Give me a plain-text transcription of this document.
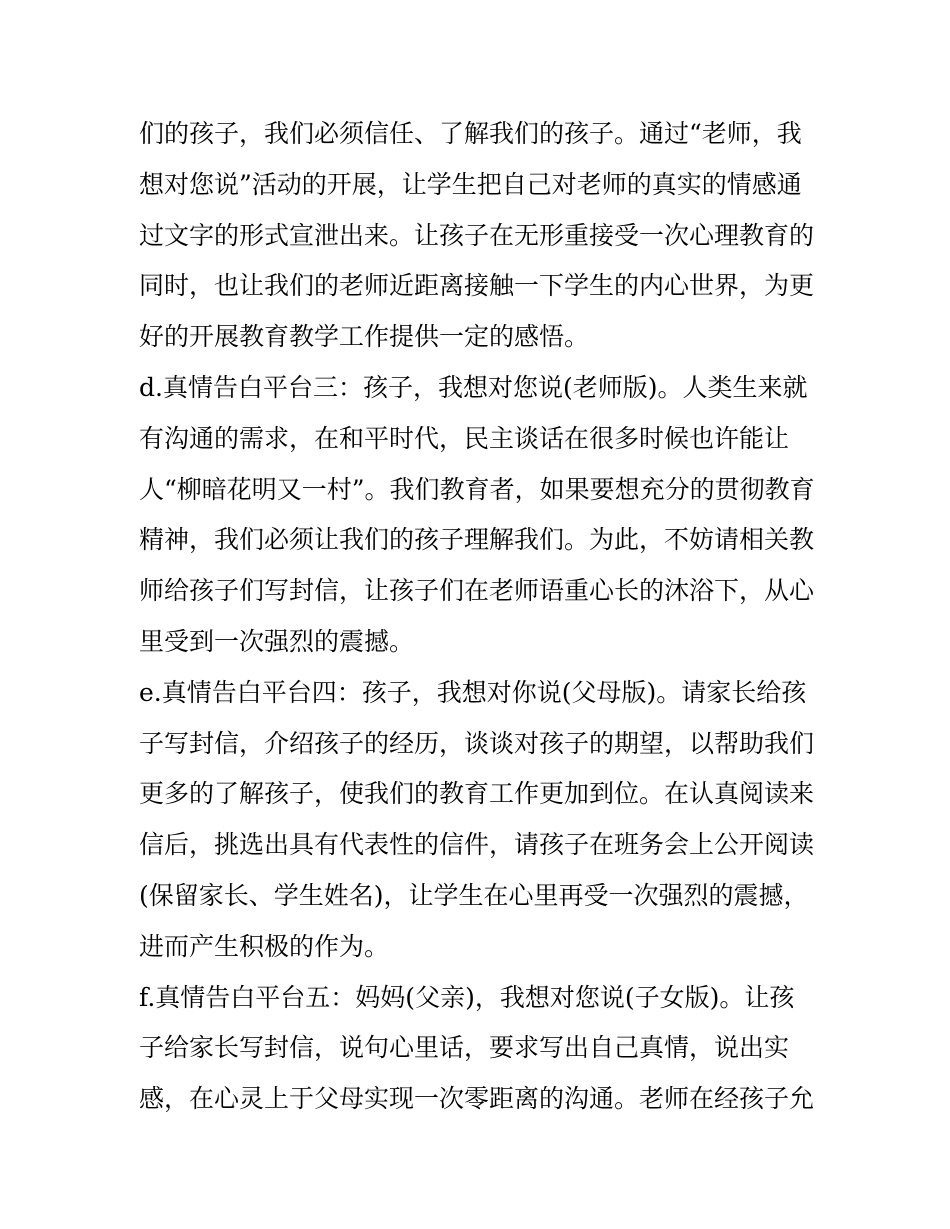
们的孩子，我们必须信任、了解我们的孩子。通过“老师，我
想对您说”活动的开展，让学生把自己对老师的真实的情感通
过文字的形式宣泄出来。让孩子在无形重接受一次心理教育的
同时，也让我们的老师近距离接触一下学生的内心世界，为更
好的开展教育教学工作提供一定的感悟。
d.真情告白平台三：孩子，我想对您说(老师版)。人类生来就
有沟通的需求，在和平时代，民主谈话在很多时候也许能让
人“柳暗花明又一村”。我们教育者，如果要想充分的贯彻教育
精神，我们必须让我们的孩子理解我们。为此，不妨请相关教
师给孩子们写封信，让孩子们在老师语重心长的沐浴下，从心
里受到一次强烈的震撼。
e.真情告白平台四：孩子，我想对你说(父母版)。请家长给孩
子写封信，介绍孩子的经历，谈谈对孩子的期望，以帮助我们
更多的了解孩子，使我们的教育工作更加到位。在认真阅读来
信后，挑选出具有代表性的信件，请孩子在班务会上公开阅读
(保留家长、学生姓名)，让学生在心里再受一次强烈的震撼，
进而产生积极的作为。
f.真情告白平台五：妈妈(父亲)，我想对您说(子女版)。让孩
子给家长写封信，说句心里话，要求写出自己真情，说出实
感，在心灵上于父母实现一次零距离的沟通。老师在经孩子允
